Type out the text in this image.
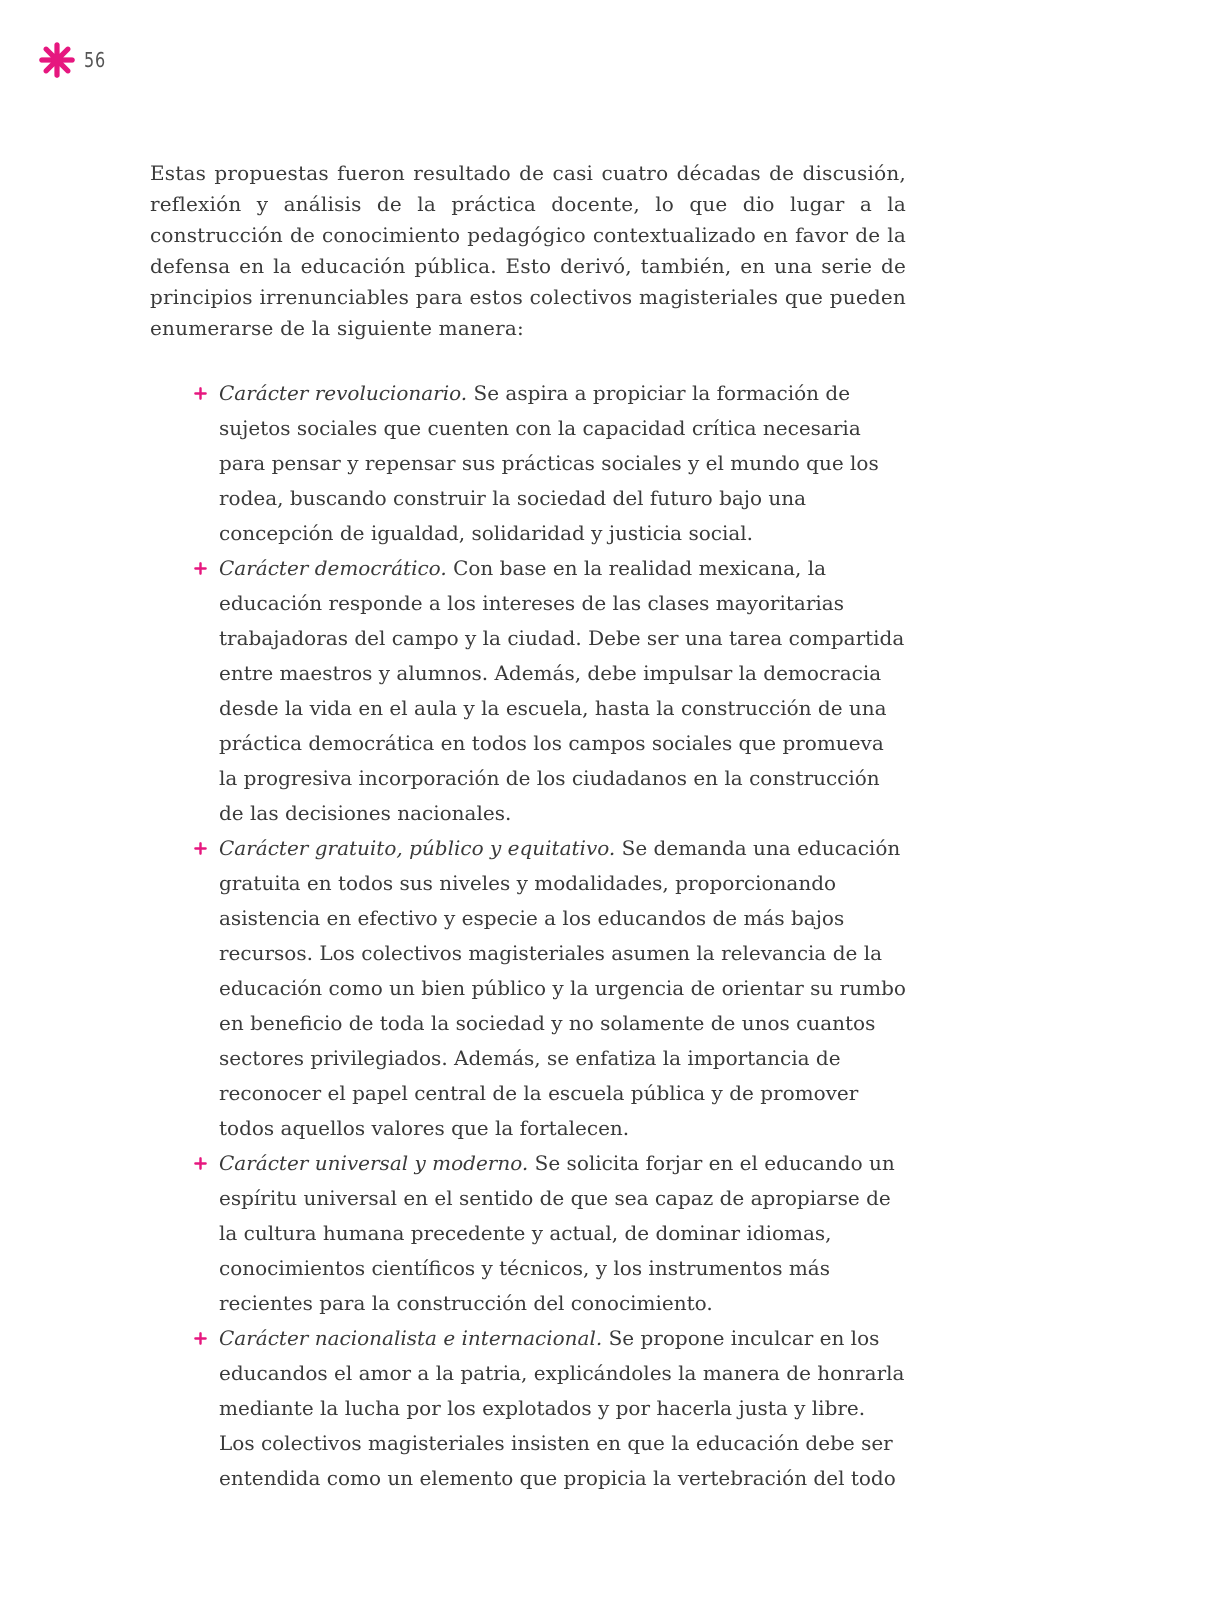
56

Estas propuestas fueron resultado de casi cuatro décadas de discusión, reflexión y análisis de la práctica docente, lo que dio lugar a la construcción de conocimiento pedagógico contextualizado en favor de la defensa en la educación pública. Esto derivó, también, en una serie de principios irrenunciables para estos colectivos magisteriales que pueden enumerarse de la siguiente manera:

Carácter revolucionario. Se aspira a propiciar la formación de sujetos sociales que cuenten con la capacidad crítica necesaria para pensar y repensar sus prácticas sociales y el mundo que los rodea, buscando construir la sociedad del futuro bajo una concepción de igualdad, solidaridad y justicia social.
Carácter democrático. Con base en la realidad mexicana, la educación responde a los intereses de las clases mayoritarias trabajadoras del campo y la ciudad. Debe ser una tarea compartida entre maestros y alumnos. Además, debe impulsar la democracia desde la vida en el aula y la escuela, hasta la construcción de una práctica democrática en todos los campos sociales que promueva la progresiva incorporación de los ciudadanos en la construcción de las decisiones nacionales.
Carácter gratuito, público y equitativo. Se demanda una educación gratuita en todos sus niveles y modalidades, proporcionando asistencia en efectivo y especie a los educandos de más bajos recursos. Los colectivos magisteriales asumen la relevancia de la educación como un bien público y la urgencia de orientar su rumbo en beneficio de toda la sociedad y no solamente de unos cuantos sectores privilegiados. Además, se enfatiza la importancia de reconocer el papel central de la escuela pública y de promover todos aquellos valores que la fortalecen.
Carácter universal y moderno. Se solicita forjar en el educando un espíritu universal en el sentido de que sea capaz de apropiarse de la cultura humana precedente y actual, de dominar idiomas, conocimientos científicos y técnicos, y los instrumentos más recientes para la construcción del conocimiento.
Carácter nacionalista e internacional. Se propone inculcar en los educandos el amor a la patria, explicándoles la manera de honrarla mediante la lucha por los explotados y por hacerla justa y libre. Los colectivos magisteriales insisten en que la educación debe ser entendida como un elemento que propicia la vertebración del todo
